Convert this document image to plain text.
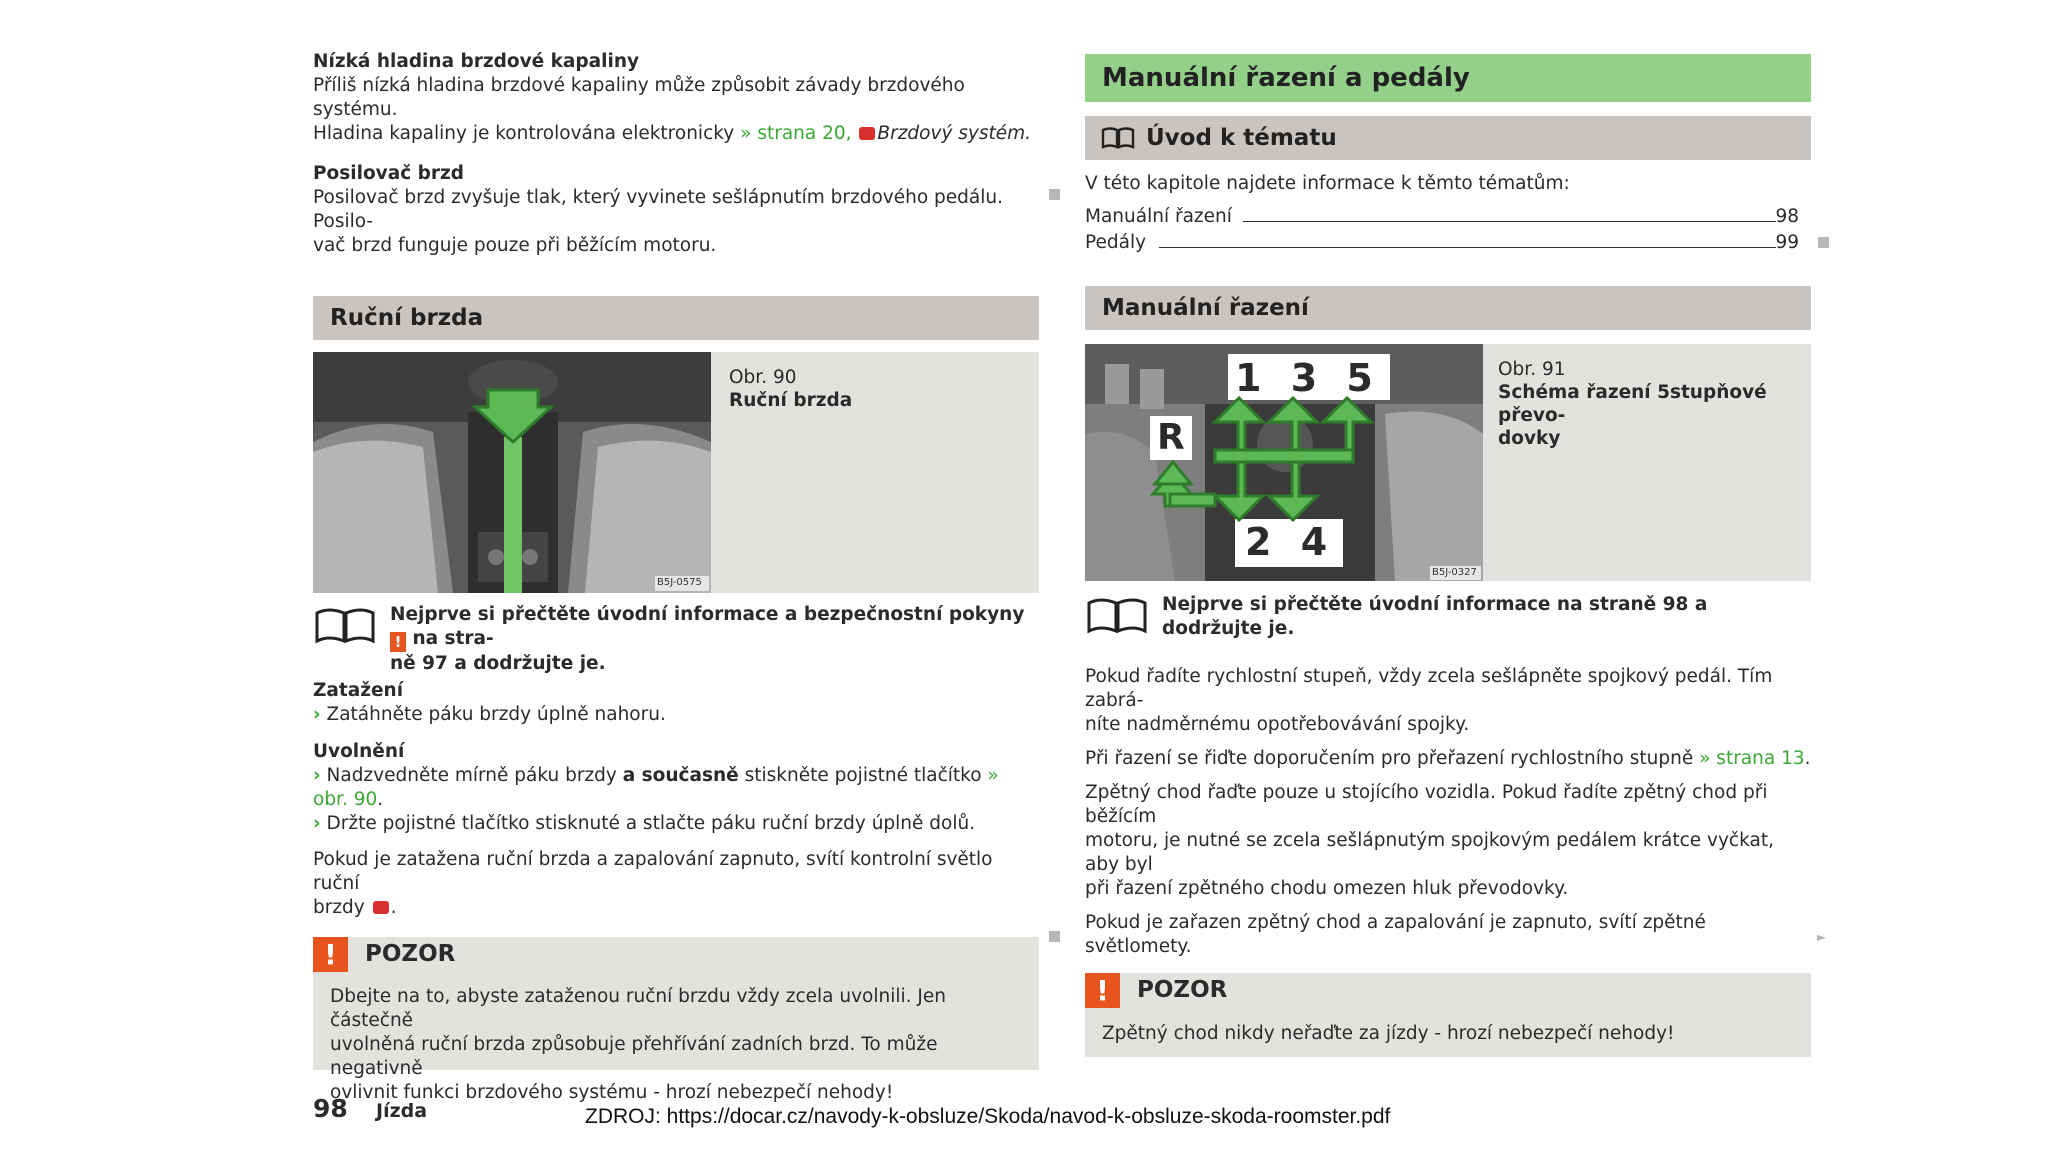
Nízká hladina brzdové kapaliny

Příliš nízká hladina brzdové kapaliny může způsobit závady brzdového systému.

Hladina kapaliny je kontrolována elektronicky » strana 20, Brzdový systém.

Posilovač brzd

Posilovač brzd zvyšuje tlak, který vyvinete sešlápnutím brzdového pedálu. Posilo-

vač brzd funguje pouze při běžícím motoru.

Ruční brzda
B5J-0575
Obr. 90
Ruční brzda
Nejprve si přečtěte úvodní informace a bezpečnostní pokyny ! na stra-
ně 97 a dodržujte je.

Zatažení

› Zatáhněte páku brzdy úplně nahoru.

Uvolnění

› Nadzvedněte mírně páku brzdy a současně stiskněte pojistné tlačítko » obr. 90.

› Držte pojistné tlačítko stisknuté a stlačte páku ruční brzdy úplně dolů.

Pokud je zatažena ruční brzda a zapalování zapnuto, svítí kontrolní světlo ruční

brzdy .

!	POZOR
Dbejte na to, abyste zataženou ruční brzdu vždy zcela uvolnili. Jen částečně
uvolněná ruční brzda způsobuje přehřívání zadních brzd. To může negativně
ovlivnit funkci brzdového systému - hrozí nebezpečí nehody!
Manuální řazení a pedály
Úvod k tématu

V této kapitole najdete informace k těmto tématům:

Manuální řazení	98
Pedály	99
Manuální řazení
1 3 5
R
2 4
B5J-0327
Obr. 91
Schéma řazení 5stupňové převo-
dovky
Nejprve si přečtěte úvodní informace na straně 98 a dodržujte je.

Pokud řadíte rychlostní stupeň, vždy zcela sešlápněte spojkový pedál. Tím zabrá-

níte nadměrnému opotřebovávání spojky.

Při řazení se řiďte doporučením pro přeřazení rychlostního stupně » strana 13.

Zpětný chod řaďte pouze u stojícího vozidla. Pokud řadíte zpětný chod při běžícím

motoru, je nutné se zcela sešlápnutým spojkovým pedálem krátce vyčkat, aby byl

při řazení zpětného chodu omezen hluk převodovky.

Pokud je zařazen zpětný chod a zapalování je zapnuto, svítí zpětné světlomety.

!	POZOR
Zpětný chod nikdy neřaďte za jízdy - hrozí nebezpečí nehody!
►
98 Jízda	ZDROJ: https://docar.cz/navody-k-obsluze/Skoda/navod-k-obsluze-skoda-roomster.pdf
